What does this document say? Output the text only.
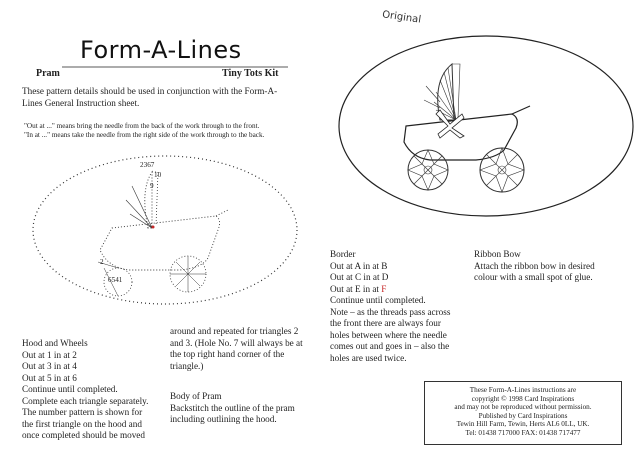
Original
Form-A-Lines
Pram	Tiny Tots Kit
These pattern details should be used in conjunction with the Form-A-
Lines General Instruction sheet.
"Out at ..." means bring the needle from the back of the work through to the front.
"In at ..." means take the needle from the right side of the work through to the back.
2367
10
9
2
6541
Hood and Wheels
Out at 1 in at 2
Out at 3 in at 4
Out at 5 in at 6
Continue until completed.
Complete each triangle separately.
The number pattern is shown for
the first triangle on the hood and
once completed should be moved
around and repeated for triangles 2
and 3. (Hole No. 7 will always be at
the top right hand corner of the
triangle.)
Body of Pram
Backstitch the outline of the pram
including outlining the hood.
Border
Out at A in at B
Out at C in at D
Out at E in at F
Continue until completed.
Note – as the threads pass across
the front there are always four
holes between where the needle
comes out and goes in – also the
holes are used twice.
Ribbon Bow
Attach the ribbon bow in desired
colour with a small spot of glue.
These Form-A-Lines instructions are
copyright © 1998 Card Inspirations
and may not be reproduced without permission.
Published by Card Inspirations
Tewin Hill Farm, Tewin, Herts AL6 0LL, UK.
Tel: 01438 717000 FAX: 01438 717477
